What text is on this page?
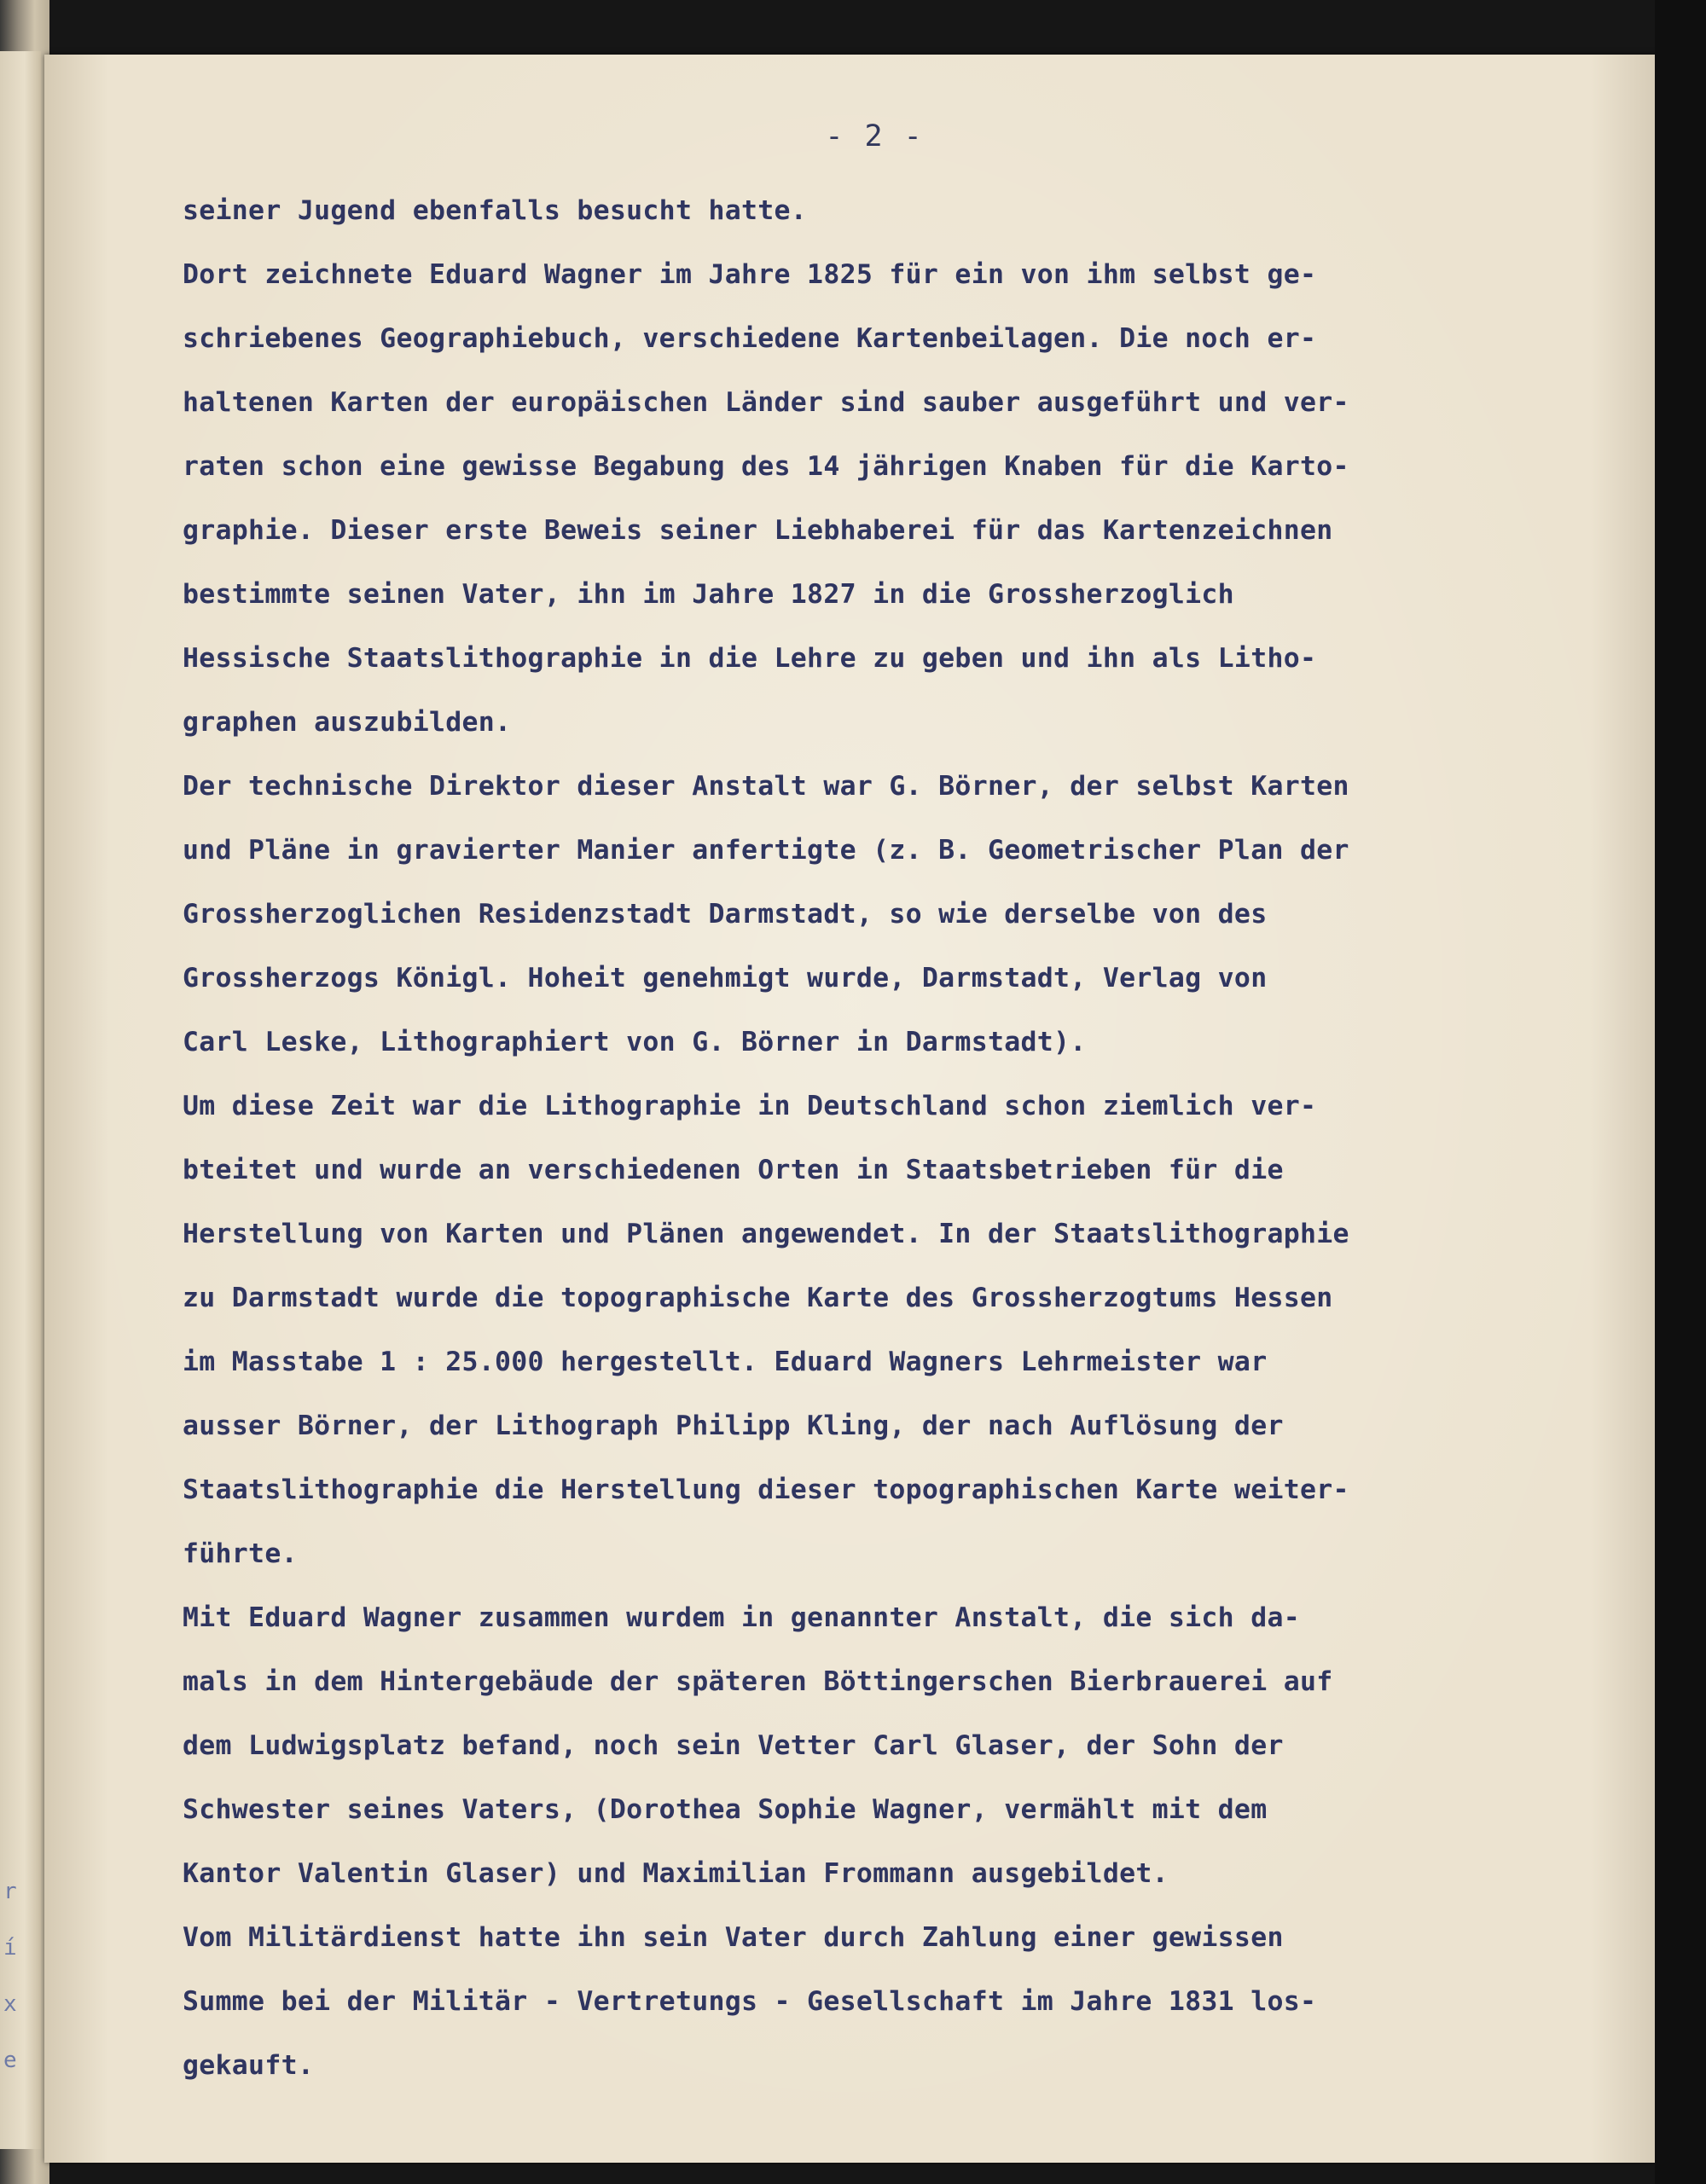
r
í
x
e
- 2 -
seiner Jugend ebenfalls besucht hatte.
Dort zeichnete Eduard Wagner im Jahre 1825 für ein von ihm selbst ge-
schriebenes Geographiebuch, verschiedene Kartenbeilagen. Die noch er-
haltenen Karten der europäischen Länder sind sauber ausgeführt und ver-
raten schon eine gewisse Begabung des 14 jährigen Knaben für die Karto-
graphie. Dieser erste Beweis seiner Liebhaberei für das Kartenzeichnen
bestimmte seinen Vater, ihn im Jahre 1827 in die Grossherzoglich
Hessische Staatslithographie in die Lehre zu geben und ihn als Litho-
graphen auszubilden.
Der technische Direktor dieser Anstalt war G. Börner, der selbst Karten
und Pläne in gravierter Manier anfertigte (z. B. Geometrischer Plan der
Grossherzoglichen Residenzstadt Darmstadt, so wie derselbe von des
Grossherzogs Königl. Hoheit genehmigt wurde, Darmstadt, Verlag von
Carl Leske, Lithographiert von G. Börner in Darmstadt).
Um diese Zeit war die Lithographie in Deutschland schon ziemlich ver-
bteitet und wurde an verschiedenen Orten in Staatsbetrieben für die
Herstellung von Karten und Plänen angewendet. In der Staatslithographie
zu Darmstadt wurde die topographische Karte des Grossherzogtums Hessen
im Masstabe 1 : 25.000 hergestellt. Eduard Wagners Lehrmeister war
ausser Börner, der Lithograph Philipp Kling, der nach Auflösung der
Staatslithographie die Herstellung dieser topographischen Karte weiter-
führte.
Mit Eduard Wagner zusammen wurdem in genannter Anstalt, die sich da-
mals in dem Hintergebäude der späteren Böttingerschen Bierbrauerei auf
dem Ludwigsplatz befand, noch sein Vetter Carl Glaser, der Sohn der
Schwester seines Vaters, (Dorothea Sophie Wagner, vermählt mit dem
Kantor Valentin Glaser) und Maximilian Frommann ausgebildet.
Vom Militärdienst hatte ihn sein Vater durch Zahlung einer gewissen
Summe bei der Militär - Vertretungs - Gesellschaft im Jahre 1831 los-
gekauft.
